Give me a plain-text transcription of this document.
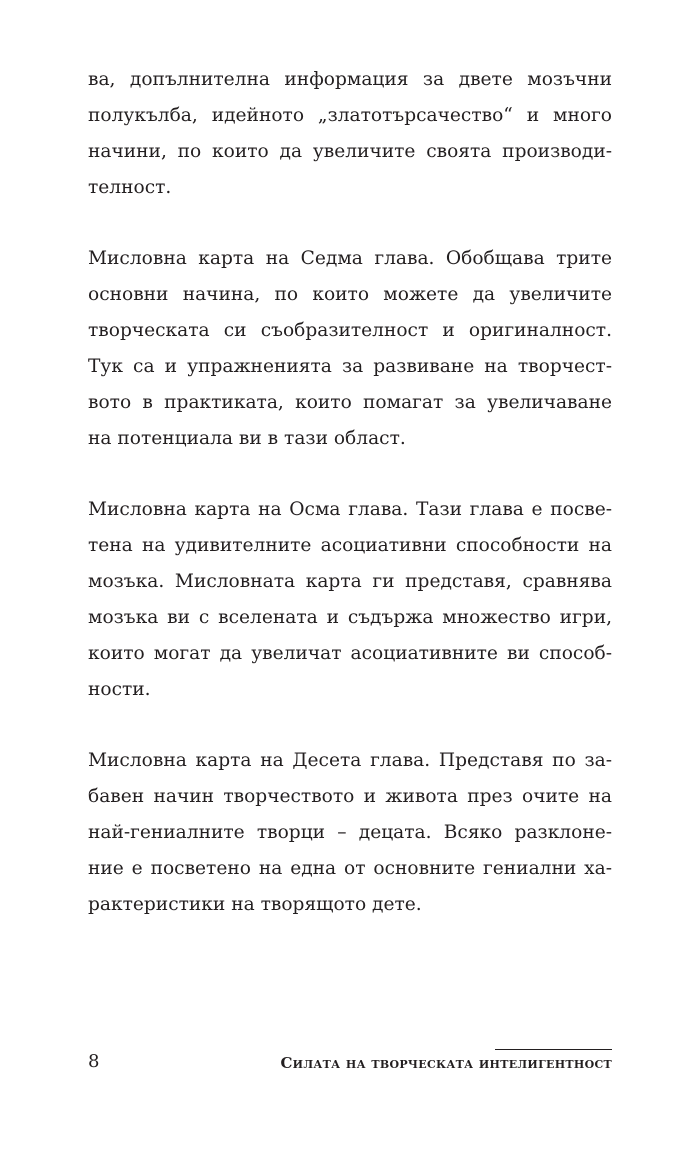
ва, допълнителна информация за двете мозъчни
полукълба, идейното „златотърсачество“ и много
начини, по които да увеличите своята производи-
телност.

Мисловна карта на Седма глава. Обобщава трите
основни начина, по които можете да увеличите
творческата си съобразителност и оригиналност.
Тук са и упражненията за развиване на творчест-
вото в практиката, които помагат за увеличаване
на потенциала ви в тази област.

Мисловна карта на Осма глава. Тази глава е посве-
тена на удивителните асоциативни способности на
мозъка. Мисловната карта ги представя, сравнява
мозъка ви с вселената и съдържа множество игри,
които могат да увеличат асоциативните ви способ-
ности.

Мисловна карта на Десета глава. Представя по за-
бавен начин творчеството и живота през очите на
най-гениалните творци – децата. Всяко разклоне-
ние е посветено на една от основните гениални ха-
рактеристики на творящото дете.

8	Силата на творческата интелигентност
